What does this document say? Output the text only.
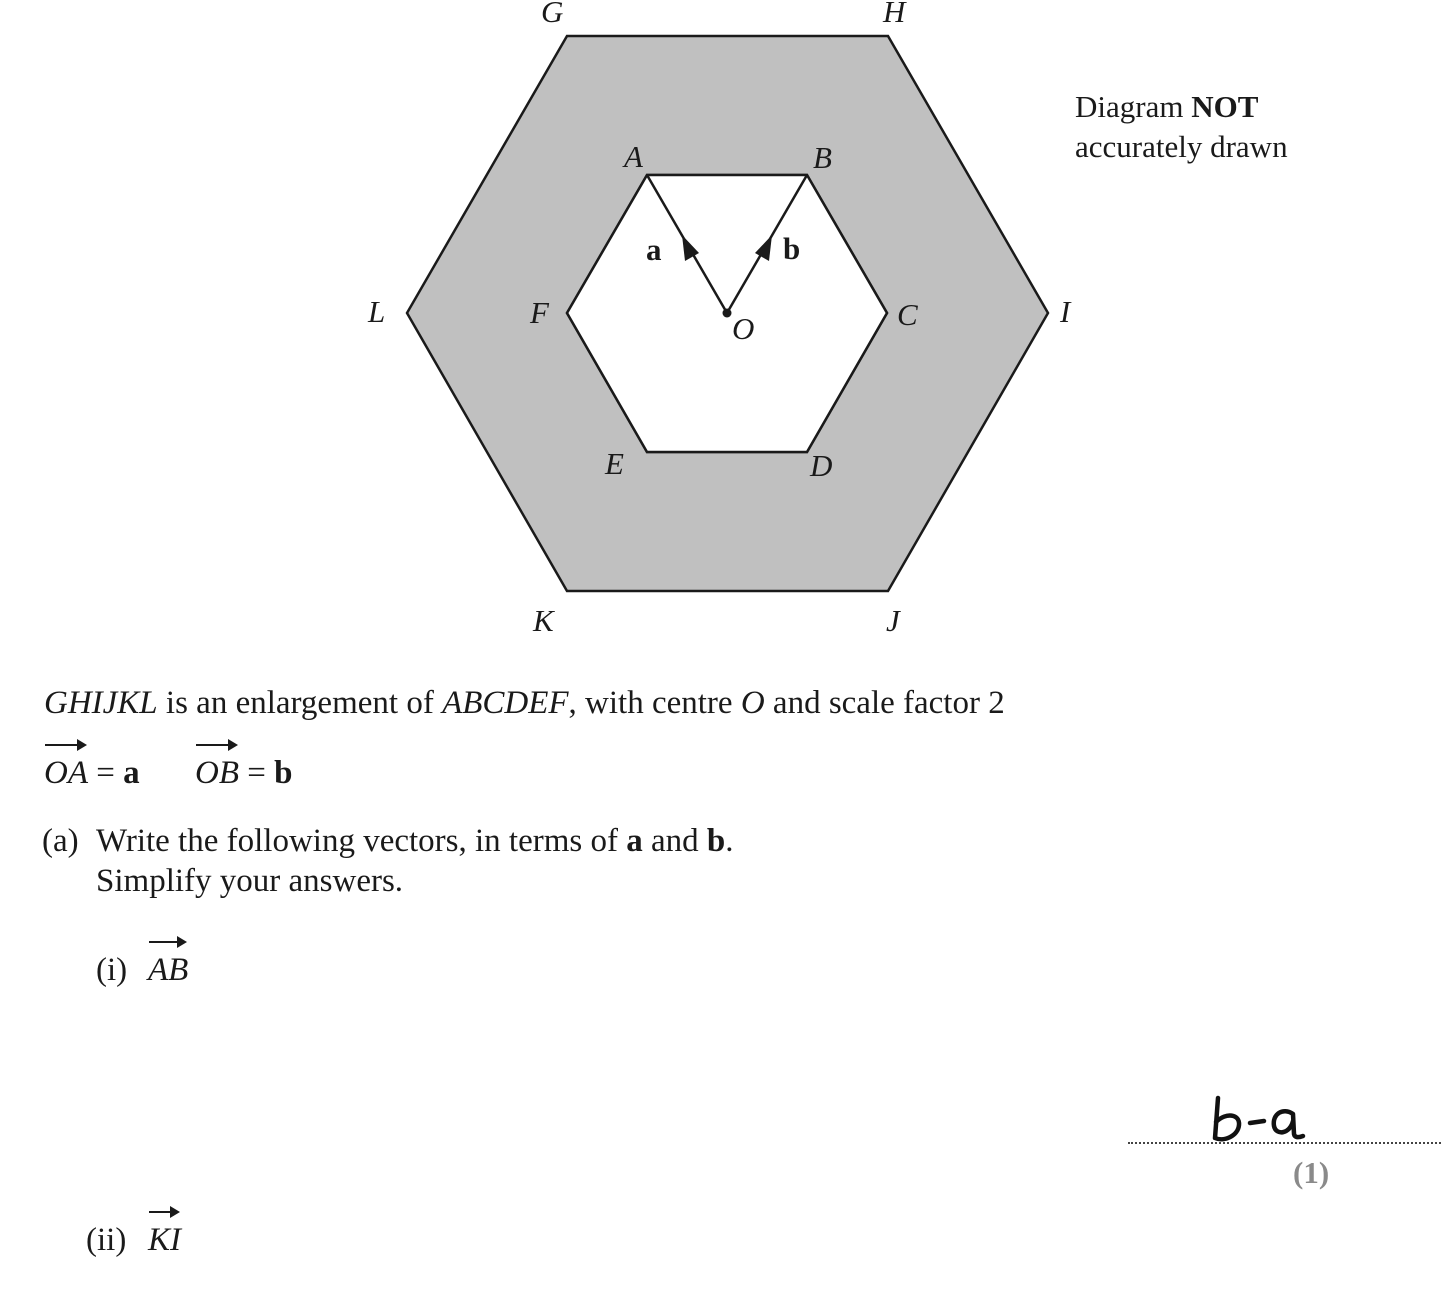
G	H
I
J
K
L
A	B
C
D
E
F	O
a	b
Diagram NOT
accurately drawn
GHIJKL is an enlargement of ABCDEF, with centre O and scale factor 2
OA = a OB = b
(a) Write the following vectors, in terms of a and b.
Simplify your answers.
(i) AB
(1)
(ii) KI
